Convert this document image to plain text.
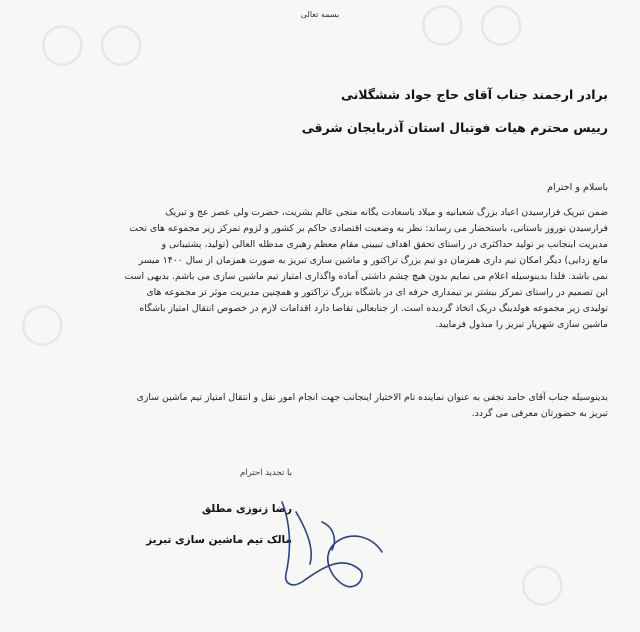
◯ ◯	◯ ◯
◯
◯
بسمه تعالی
برادر ارجمند جناب آقای حاج جواد ششگلانی
رییس محترم هیات فوتبال استان آذربایجان شرقی
باسلام و احترام
ضمن تبریک فرارسیدن اعیاد بزرگ شعبانیه و میلاد باسعادت یگانه منجی عالم بشریت، حضرت ولی عصر عج و تبریک
فرارسیدن نوروز باستانی، باستحضار می رساند: نظر به وضعیت اقتصادی حاکم بر کشور و لزوم تمرکز زیر مجموعه های تحت
مدیریت اینجانب بر تولید حداکثری در راستای تحقق اهداف تبیینی مقام معظم رهبری مدظله العالی (تولید، پشتیبانی و
مانع زدایی) دیگر امکان تیم داری همزمان دو تیم بزرگ تراکتور و ماشین سازی تبریز به صورت همزمان از سال ۱۴۰۰ میسر
نمی باشد. فلذا بدینوسیله اعلام می نمایم بدون هیچ چشم داشتی آماده واگذاری امتیاز تیم ماشین سازی می باشم. بدیهی است
این تصمیم در راستای تمرکز بیشتر بر تیمداری حرفه ای در باشگاه بزرگ تراکتور و همچنین مدیریت موثر تر مجموعه های
تولیدی زیر مجموعه هولدینگ دریک اتخاذ گردیده است. از جنابعالی تقاضا دارد اقدامات لازم در خصوص انتقال امتیاز باشگاه
ماشین سازی شهریار تبریز را مبذول فرمایید.
بدینوسیله جناب آقای حامد نجفی به عنوان نماینده تام الاختیار اینجانب جهت انجام امور نقل و انتقال امتیاز تیم ماشین سازی
تبریز به حضورتان معرفی می گردد.
با تجدید احترام
رضا زنوزی مطلق
مالک تیم ماشین سازی تبریز
